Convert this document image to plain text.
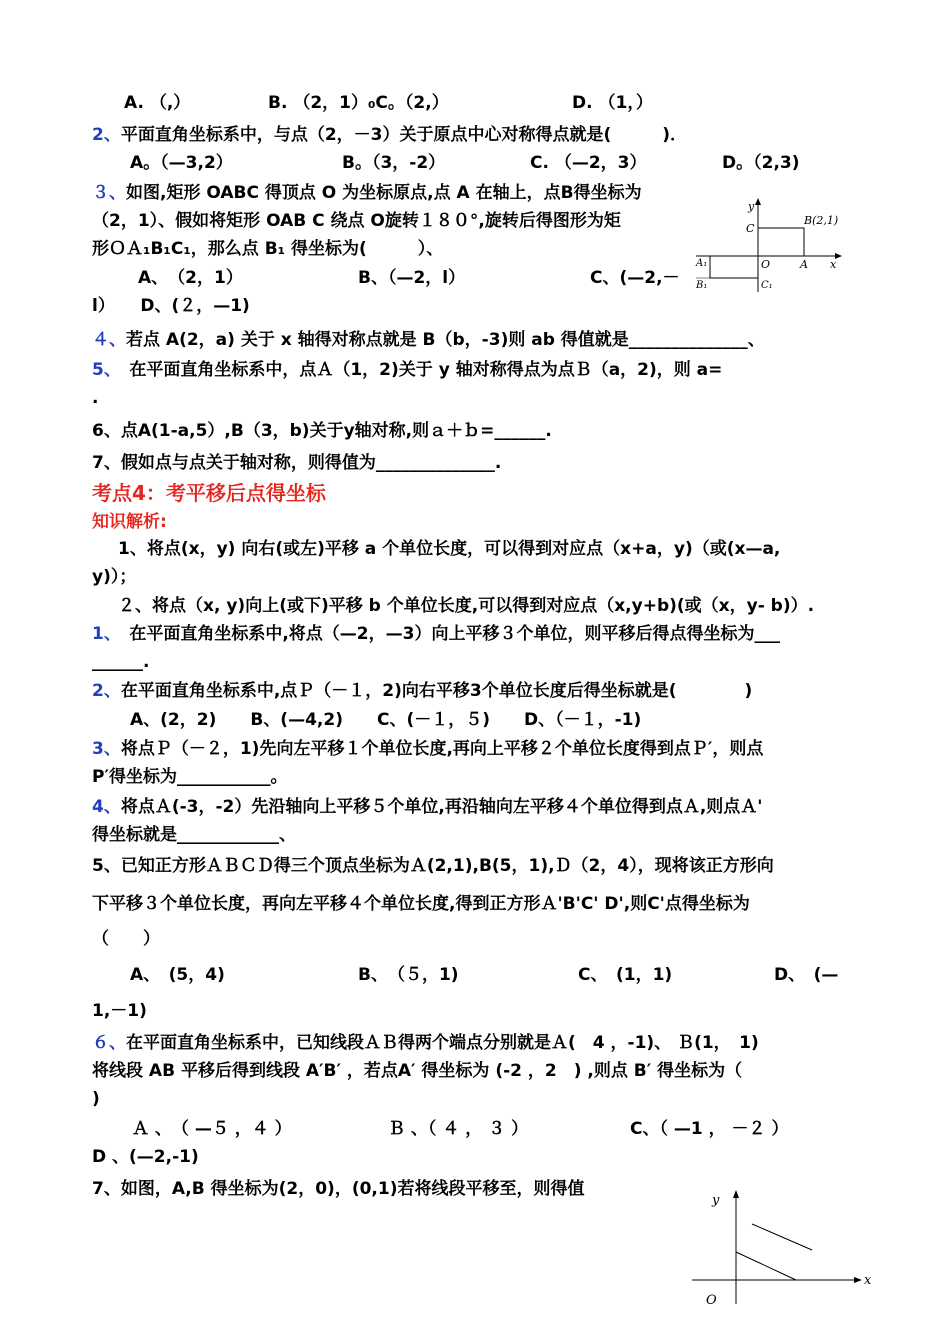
A. （,）	B. （2，1）₀C。（2,）	D. （1，）
2、平面直角坐标系中，与点（2，－3）关于原点中心对称得点就是(　　　)．
A。（—3,2）	B。（3，-2）	C. （—2，3）	D。（2,3)
３、如图,矩形 OABC 得顶点 O 为坐标原点,点 A 在轴上，点B得坐标为
（2，1）、假如将矩形 OAB C 绕点 O旋转１８０°,旋转后得图形为矩
形ＯＡ₁B₁C₁，那么点 B₁ 得坐标为(　　　）、
A、　（2，1）	B、（—2，l）	C、(—2,－
l）　　D、(２，—1)
４、若点 A(2，a) 关于 x 轴得对称点就是 B（b，-3)则 ab 得值就是______________、
5、　在平面直角坐标系中，点Ａ（1，2)关于 y 轴对称得点为点Ｂ（a，2)，则 a=
.
6、点A(1-a,5）,B（3，b)关于y轴对称,则ａ＋ｂ=______.
7、假如点与点关于轴对称，则得值为______________.
考点4：考平移后点得坐标
知识解析:
1、将点(x，y) 向右(或左)平移 a 个单位长度，可以得到对应点（x+a，y)（或(x—a,
y)）；
２、将点（x, y)向上(或下)平移 b 个单位长度,可以得到对应点（x,y+b)(或（x，y- b)）.
1、　在平面直角坐标系中,将点（—2，—3）向上平移３个单位，则平移后得点得坐标为___
______.
2、在平面直角坐标系中,点Ｐ（－１，2)向右平移3个单位长度后得坐标就是(　　　　)
A、(2，2)　　B、(—4,2)　　C、(－１，５)　　D、（－１，-1)
3、将点Ｐ（－２，1)先向左平移１个单位长度,再向上平移２个单位长度得到点Ｐ′，则点
P′得坐标为___________。
4、将点Ａ(-3，-2）先沿轴向上平移５个单位,再沿轴向左平移４个单位得到点Ａ,则点Ａ'
得坐标就是____________、
5、已知正方形ＡＢＣＤ得三个顶点坐标为Ａ(2,1),B(5，1),Ｄ（2，4），现将该正方形向
下平移３个单位长度，再向左平移４个单位长度,得到正方形Ａ'B'C' D',则C'点得坐标为
（　　）
A、　(5，4)	B、　（５，1)	C、　(1，1)	D、　(—
1,－1)
６、在平面直角坐标系中，已知线段ＡＢ得两个端点分别就是Ａ(　4 ，-1)、 Ｂ(1，　1)
将线段 AB 平移后得到线段 A′B′ ，若点A′ 得坐标为 (-2 ，2　) ,则点 B′ 得坐标为（
)
Ａ 、　（ —５ ，４ ）	Ｂ 、（ ４ ， ３ ）	C、（ —1 ， －２ ）
D 、(—2,-1)
7、如图，A,B 得坐标为(2，0)，(0,1)若将线段平移至，则得值
y
x
O
C
A
B(2,1)
A₁
B₁	C₁
y
x
O
